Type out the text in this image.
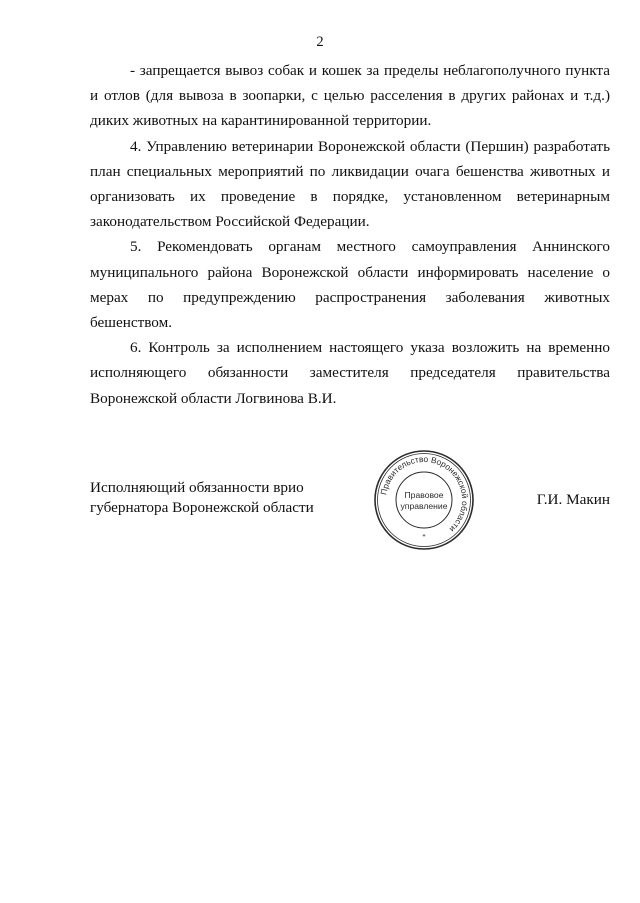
2

- запрещается вывоз собак и кошек за пределы неблагополучного пункта и отлов (для вывоза в зоопарки, с целью расселения в других районах и т.д.) диких животных на карантинированной территории.

4. Управлению ветеринарии Воронежской области (Першин) разработать план специальных мероприятий по ликвидации очага бешенства животных и организовать их проведение в порядке, установленном ветеринарным законодательством Российской Федерации.

5. Рекомендовать органам местного самоуправления Аннинского муниципального района Воронежской области информировать население о мерах по предупреждению распространения заболевания животных бешенством.

6. Контроль за исполнением настоящего указа возложить на временно исполняющего обязанности заместителя председателя правительства Воронежской области Логвинова В.И.

Исполняющий обязанности врио
губернатора Воронежской области
Правительство Воронежской области
Правовое
управление
*
Г.И. Макин
